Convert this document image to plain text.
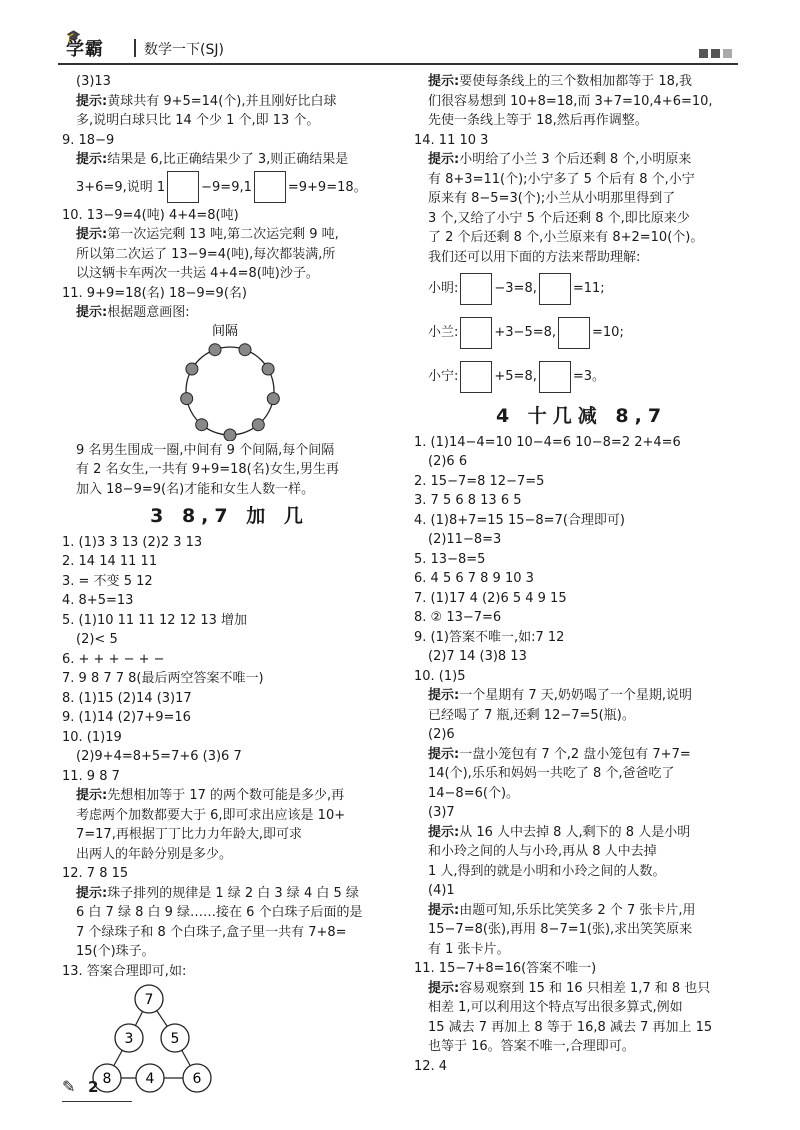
🎓
学霸	数学一下(SJ)
(3)13
提示:黄球共有 9+5=14(个),并且刚好比白球
多,说明白球只比 14 个少 1 个,即 13 个。
9. 18−9
提示:结果是 6,比正确结果少了 3,则正确结果是
3+6=9,说明 1	−9=9,1	=9+9=18。
10. 13−9=4(吨) 4+4=8(吨)
提示:第一次运完剩 13 吨,第二次运完剩 9 吨,
所以第二次运了 13−9=4(吨),每次都装满,所
以这辆卡车两次一共运 4+4=8(吨)沙子。
11. 9+9=18(名) 18−9=9(名)
提示:根据题意画图:
间隔
9 名男生围成一圈,中间有 9 个间隔,每个间隔
有 2 名女生,一共有 9+9=18(名)女生,男生再
加入 18−9=9(名)才能和女生人数一样。
3 8,7 加 几
1. (1)3 3 13 (2)2 3 13
2. 14 14 11 11
3. = 不变 5 12
4. 8+5=13
5. (1)10 11 11 12 12 13 增加
(2)< 5
6. + + + − + −
7. 9 8 7 7 8(最后两空答案不唯一)
8. (1)15 (2)14 (3)17
9. (1)14 (2)7+9=16
10. (1)19
(2)9+4=8+5=7+6 (3)6 7
11. 9 8 7
提示:先想相加等于 17 的两个数可能是多少,再
考虑两个加数都要大于 6,即可求出应该是 10+
7=17,再根据丁丁比力力年龄大,即可求
出两人的年龄分别是多少。
12. 7 8 15
提示:珠子排列的规律是 1 绿 2 白 3 绿 4 白 5 绿
6 白 7 绿 8 白 9 绿……接在 6 个白珠子后面的是
7 个绿珠子和 8 个白珠子,盒子里一共有 7+8=
15(个)珠子。
13. 答案合理即可,如:
7
3	5
8 4	6
提示:要使每条线上的三个数相加都等于 18,我
们很容易想到 10+8=18,而 3+7=10,4+6=10,
先使一条线上等于 18,然后再作调整。
14. 11 10 3
提示:小明给了小兰 3 个后还剩 8 个,小明原来
有 8+3=11(个);小宁多了 5 个后有 8 个,小宁
原来有 8−5=3(个);小兰从小明那里得到了
3 个,又给了小宁 5 个后还剩 8 个,即比原来少
了 2 个后还剩 8 个,小兰原来有 8+2=10(个)。
我们还可以用下面的方法来帮助理解:
小明:	−3=8,	=11;
小兰:	+3−5=8,	=10;
小宁:	+5=8,	=3。
4 十几减 8,7
1. (1)14−4=10 10−4=6 10−8=2 2+4=6
(2)6 6
2. 15−7=8 12−7=5
3. 7 5 6 8 13 6 5
4. (1)8+7=15 15−8=7(合理即可)
(2)11−8=3
5. 13−8=5
6. 4 5 6 7 8 9 10 3
7. (1)17 4 (2)6 5 4 9 15
8. ② 13−7=6
9. (1)答案不唯一,如:7 12
(2)7 14 (3)8 13
10. (1)5
提示:一个星期有 7 天,奶奶喝了一个星期,说明
已经喝了 7 瓶,还剩 12−7=5(瓶)。
(2)6
提示:一盘小笼包有 7 个,2 盘小笼包有 7+7=
14(个),乐乐和妈妈一共吃了 8 个,爸爸吃了
14−8=6(个)。
(3)7
提示:从 16 人中去掉 8 人,剩下的 8 人是小明
和小玲之间的人与小玲,再从 8 人中去掉
1 人,得到的就是小明和小玲之间的人数。
(4)1
提示:由题可知,乐乐比笑笑多 2 个 7 张卡片,用
15−7=8(张),再用 8−7=1(张),求出笑笑原来
有 1 张卡片。
11. 15−7+8=16(答案不唯一)
提示:容易观察到 15 和 16 只相差 1,7 和 8 也只
相差 1,可以利用这个特点写出很多算式,例如
15 减去 7 再加上 8 等于 16,8 减去 7 再加上 15
也等于 16。答案不唯一,合理即可。
12. 4
✎ 2
